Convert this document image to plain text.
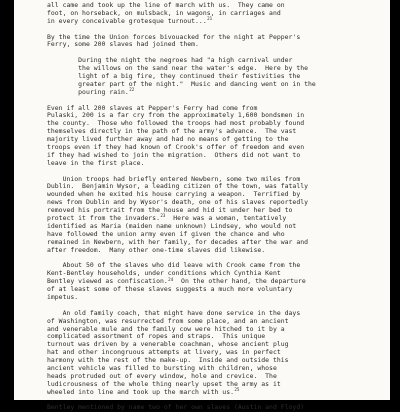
all came and took up the line of march with us.  They came on
foot, on horseback, on mulsback, in wagons, in carriages and
in every conceivable grotesque turnout...$^{21}$
By the time the Union forces bivouacked for the night at Pepper's
Ferry, some 200 slaves had joined them.
During the night the negroes had "a high carnival under
the willows on the sand near the water's edge.  Here by the
light of a big fire, they continued their festivities the
greater part of the night."  Music and dancing went on in the
pouring rain.$^{22}$
Even if all 200 slaves at Pepper's Ferry had come from
Pulaski, 200 is a far cry from the approximately 1,600 bondsmen in
the county.  Those who followed the troops had most probably found
themselves directly in the path of the army's advance.  The vast
majority lived further away and had no means of getting to the
troops even if they had known of Crook's offer of freedom and even
if they had wished to join the migration.  Others did not want to
leave in the first place.
Union troops had briefly entered Newbern, some two miles from
Dublin.  Benjamin Wysor, a leading citizen of the town, was fatally
wounded when he exited his house carrying a weapon.  Terrified by
news from Dublin and by Wysor's death, one of his slaves reportedly
removed his portrait from the house and hid it under her bed to
protect it from the invaders.$^{23}$  Here was a woman, tentatively
identified as Maria (maiden name unknown) Lindsey, who would not
have followed the union army even if given the chance and who
remained in Newbern, with her family, for decades after the war and
after freedom.  Many other one-time slaves did likewise.
About 50 of the slaves who did leave with Crook came from the
Kent-Bentley households, under conditions which Cynthia Kent
Bentley viewed as confiscation.$^{24}$  On the other hand, the departure
of at least some of these slaves suggests a much more voluntary
impetus.
An old family coach, that might have done service in the days
of Washington, was resurrected from some place, and an ancient
and venerable mule and the family cow were hitched to it by a
complicated assortment of ropes and straps.  This unique
turnout was driven by a venerable coachman, whose ancient plug
hat and other incongruous attempts at livery, was in perfect
harmony with the rest of the make-up.  Inside and outside this
ancient vehicle was filled to bursting with children, whose
heads protruded out of every window, hole and crevice.  The
ludicrousness of the whole thing nearly upset the army as it
wheeled into line and took up the march with us.$^{25}$
Bentley mentioned by name two of her own slaves (Austin and Floyd)
